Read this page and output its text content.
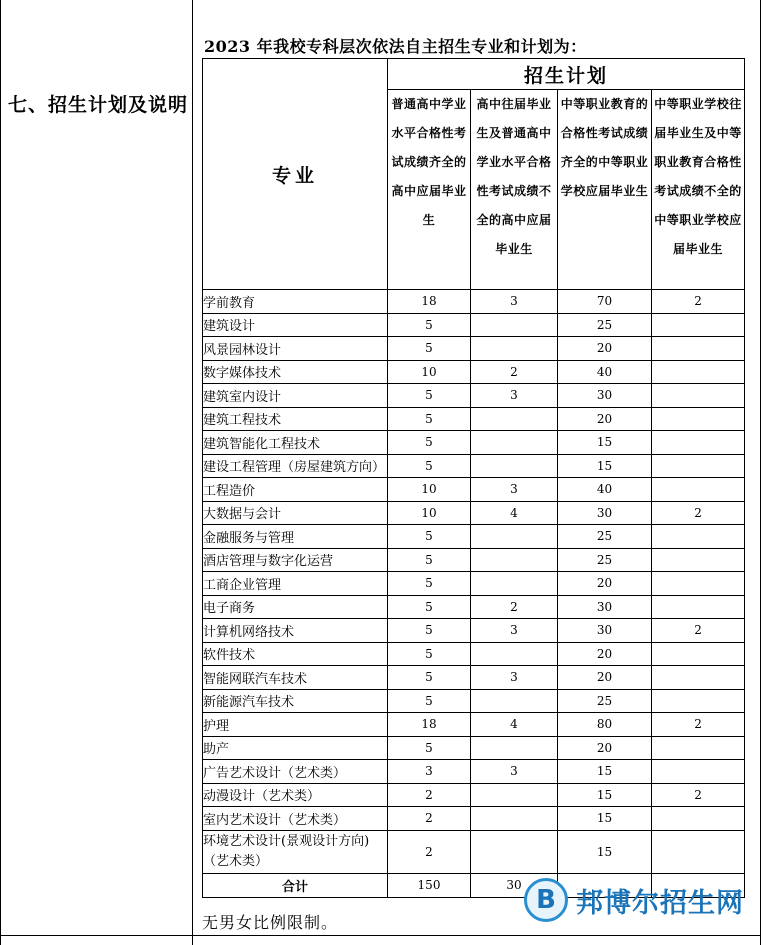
七、招生计划及说明
2023 年我校专科层次依法自主招生专业和计划为：
专业	招生计划			
	普通高中学业水平合格性考试成绩齐全的高中应届毕业生	高中往届毕业生及普通高中学业水平合格性考试成绩不全的高中应届毕业生	中等职业教育的合格性考试成绩齐全的中等职业学校应届毕业生	中等职业学校往届毕业生及中等职业教育合格性考试成绩不全的中等职业学校应届毕业生
学前教育	18	3	70	2
建筑设计	5		25	
风景园林设计	5		20	
数字媒体技术	10	2	40	
建筑室内设计	5	3	30	
建筑工程技术	5		20	
建筑智能化工程技术	5		15	
建设工程管理（房屋建筑方向）	5		15	
工程造价	10	3	40	
大数据与会计	10	4	30	2
金融服务与管理	5		25	
酒店管理与数字化运营	5		25	
工商企业管理	5		20	
电子商务	5	2	30	
计算机网络技术	5	3	30	2
软件技术	5		20	
智能网联汽车技术	5	3	20	
新能源汽车技术	5		25	
护理	18	4	80	2
助产	5		20	
广告艺术设计（艺术类）	3	3	15	
动漫设计（艺术类）	2		15	2
室内艺术设计（艺术类）	2		15	
环境艺术设计(景观设计方向)（艺术类）	2		15	
合计	150	30		
无男女比例限制。
B 邦博尔招生网
